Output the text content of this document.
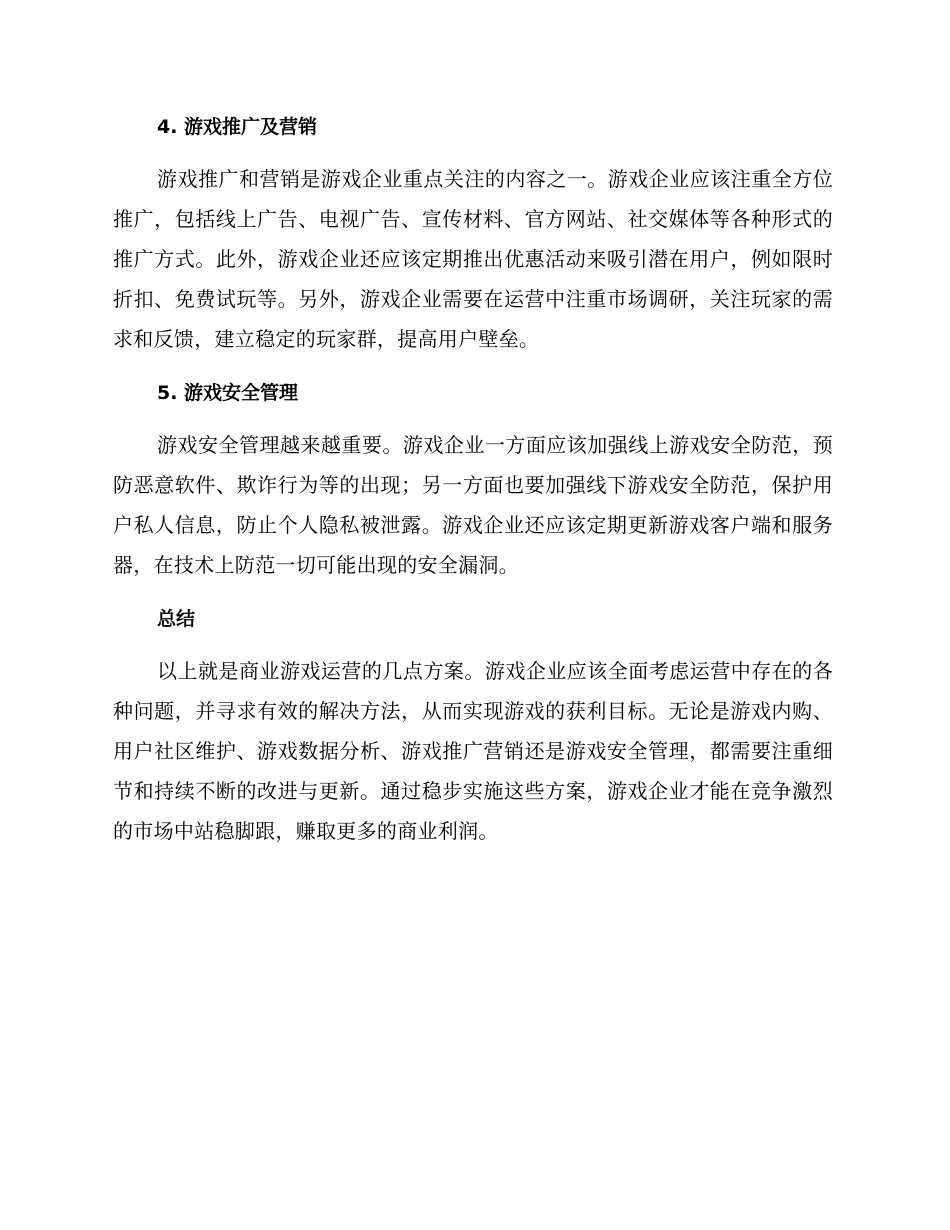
4. 游戏推广及营销

游戏推广和营销是游戏企业重点关注的内容之一。游戏企业应该注重全方位推广，包括线上广告、电视广告、宣传材料、官方网站、社交媒体等各种形式的推广方式。此外，游戏企业还应该定期推出优惠活动来吸引潜在用户，例如限时折扣、免费试玩等。另外，游戏企业需要在运营中注重市场调研，关注玩家的需求和反馈，建立稳定的玩家群，提高用户壁垒。

5. 游戏安全管理

游戏安全管理越来越重要。游戏企业一方面应该加强线上游戏安全防范，预防恶意软件、欺诈行为等的出现；另一方面也要加强线下游戏安全防范，保护用户私人信息，防止个人隐私被泄露。游戏企业还应该定期更新游戏客户端和服务器，在技术上防范一切可能出现的安全漏洞。

总结

以上就是商业游戏运营的几点方案。游戏企业应该全面考虑运营中存在的各种问题，并寻求有效的解决方法，从而实现游戏的获利目标。无论是游戏内购、用户社区维护、游戏数据分析、游戏推广营销还是游戏安全管理，都需要注重细节和持续不断的改进与更新。通过稳步实施这些方案，游戏企业才能在竞争激烈的市场中站稳脚跟，赚取更多的商业利润。
